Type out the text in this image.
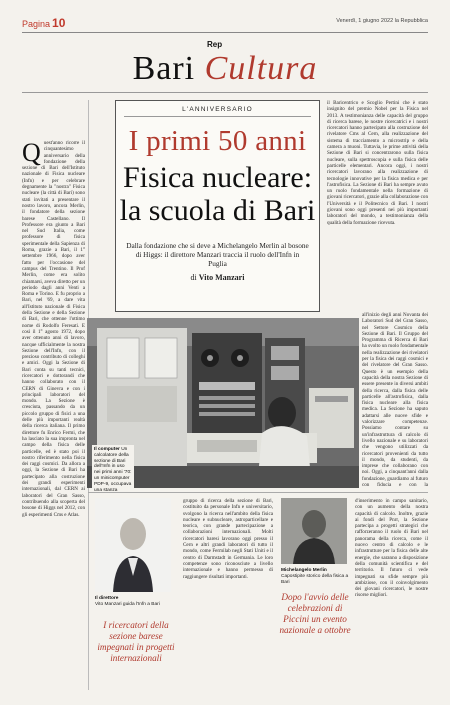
Pagina 10	Venerdì, 1 giugno 2022 la Repubblica
Rep
Bari Cultura
Q uest'anno ricorre il cinquantesimo anniversario della fondazione della sezione di Bari dell'Istituto nazionale di Fisica nucleare (Infn) e per celebrare degnamente la "nostra" Fisica nucleare (la città di Bari) sono stati invitati a presentare il nostro lavoro, ancora Merlin, il fondatore della sezione barese Castellano. Il Professore era giunto a Bari nel Sud Italia, come professore di fisica sperimentale della Sapienza di Roma, grazie a Bari, il 1° settembre 1966, dopo aver fatto per l'occasione del campus del Trentino. Il Prof Merlin, come era solito chiamarsi, aveva diretto per un periodo dagli anni Venti a Roma e Torino. E fu proprio a Bari, nel '69, a dare vita all'Istituto nazionale di Fisica della Sezione e della Sezione di Bari, che ottenne l'ottimo nome di Rodolfo Feresati. E così il 1° agosto 1972, dopo aver ottenuto anni di lavoro, nacque ufficialmente la nostra Sezione dell'Infn, con il prezioso contributo di colleghi e amici. Oggi la Sezione di Bari conta su tanti tecnici, ricercatori e dottorandi che hanno collaborato con il CERN di Ginevra e con i principali laboratori del mondo. La Sezione è cresciuta, passando da un piccolo gruppo di fisici a una delle più importanti realtà della ricerca italiana. Il primo direttore fu Enrico Fermi, che ha lasciato la sua impronta nel campo della fisica delle particelle, ed è stato poi il nostro riferimento nella fisica dei raggi cosmici. Da allora a oggi, la Sezione di Bari ha partecipato alla costruzione dei grandi esperimenti internazionali, dal CERN ai laboratori del Gran Sasso, contribuendo alla scoperta del bosone di Higgs nel 2012, con gli esperimenti Cms e Atlas.
L'ANNIVERSARIO
I primi 50 anni
Fisica nucleare: la scuola di Bari
Dalla fondazione che si deve a Michelangelo Merlin al bosone di Higgs: il direttore Manzari traccia il ruolo dell'Infn in Puglia
di Vito Manzari
il Baricentrico e Scoglio Pertini che è stato insignito del premio Nobel per la Fisica nel 2013. A testimonianza delle capacità del gruppo di ricerca barese, le nostre ricercatrici e i nostri ricercatori hanno partecipato alla costruzione del rivelatore Cms al Cern, alla realizzazione del sistema di tracciamento a microstrip e della camera a muoni. Tuttavia, le prime attività della Sezione di Bari si concentrarono sulla fisica nucleare, sulla spettroscopia e sulla fisica delle particelle elementari. Ancora oggi, i nostri ricercatori lavorano alla realizzazione di tecnologie innovative per la fisica medica e per l'astrofisica. La Sezione di Bari ha sempre avuto un ruolo fondamentale nella formazione di giovani ricercatori, grazie alla collaborazione con l'Università e il Politecnico di Bari. I nostri giovani sono oggi presenti nei più importanti laboratori del mondo, a testimonianza della qualità della formazione ricevuta.
all'inizio degli anni Novanta dei Laboratori Sud del Gran Sasso, nel Settore Cosmico della Sezione di Bari. Il Gruppo del Programma di Ricerca di Bari ha svolto un ruolo fondamentale nella realizzazione dei rivelatori per la fisica dei raggi cosmici e del rivelatore del Gran Sasso. Questo è un esempio della capacità della nostra Sezione di essere presente in diversi ambiti della ricerca, dalla fisica delle particelle all'astrofisica, dalla fisica nucleare alla fisica medica. La Sezione ha saputo adattarsi alle nuove sfide e valorizzare competenze. Possiamo contare su un'infrastruttura di calcolo di livello nazionale e su laboratori che vengono utilizzati da ricercatori provenienti da tutto il mondo, da studenti, da imprese che collaborano con noi. Oggi, a cinquant'anni dalla fondazione, guardiamo al futuro con fiducia e con la
Il computer Un calcolatore della sezione di Bari dell'Infn in uso nei primi anni '70: un minicomputer PDP-9, occupava una stanza
Il direttore
Vito Manzari guida l'Infn a Bari
I ricercatori della sezione barese impegnati in progetti internazionali
gruppo di ricerca della sezione di Bari, costituito da personale Infn e universitario, svolgono la ricerca nell'ambito della fisica nucleare e subnucleare, astroparticellare e teorica, con grande partecipazione a collaborazioni internazionali. Molti ricercatori baresi lavorano oggi presso il Cern e altri grandi laboratori di tutto il mondo, come Fermilab negli Stati Uniti e il centro di Darmstadt in Germania. Le loro competenze sono riconosciute a livello internazionale e hanno permesso di raggiungere risultati importanti.
Michelangelo Merlin
Capostipite storico della fisica a Bari
Dopo l'avvio delle celebrazioni di Piccini un evento nazionale a ottobre
d'inserimento in campo sanitario, con un aumento della nostra capacità di calcolo. Inoltre, grazie ai fondi del Pnrr, la Sezione partecipa a progetti strategici che rafforzeranno il ruolo di Bari nel panorama della ricerca, come il nuovo centro di calcolo e le infrastrutture per la fisica delle alte energie, che saranno a disposizione della comunità scientifica e del territorio. Il futuro ci vede impegnati su sfide sempre più ambiziose, con il coinvolgimento dei giovani ricercatori, le nostre risorse migliori.
